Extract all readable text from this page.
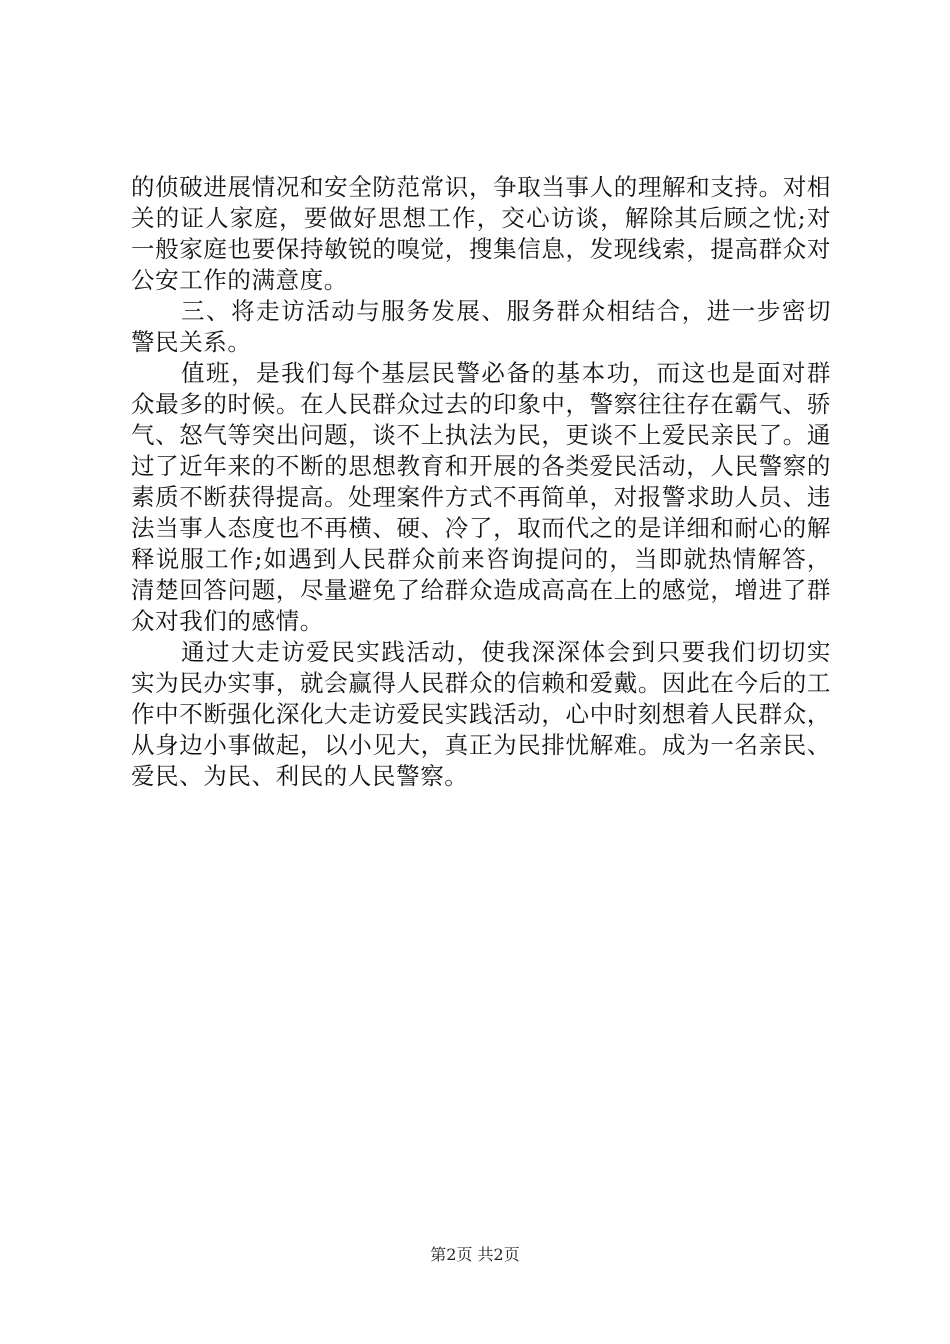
的侦破进展情况和安全防范常识，争取当事人的理解和支持。对相关的证人家庭，要做好思想工作，交心访谈，解除其后顾之忧;对一般家庭也要保持敏锐的嗅觉，搜集信息，发现线索，提高群众对公安工作的满意度。

三、将走访活动与服务发展、服务群众相结合，进一步密切警民关系。

值班，是我们每个基层民警必备的基本功，而这也是面对群众最多的时候。在人民群众过去的印象中，警察往往存在霸气、骄气、怒气等突出问题，谈不上执法为民，更谈不上爱民亲民了。通过了近年来的不断的思想教育和开展的各类爱民活动，人民警察的素质不断获得提高。处理案件方式不再简单，对报警求助人员、违法当事人态度也不再横、硬、冷了，取而代之的是详细和耐心的解释说服工作;如遇到人民群众前来咨询提问的，当即就热情解答，清楚回答问题，尽量避免了给群众造成高高在上的感觉，增进了群众对我们的感情。

通过大走访爱民实践活动，使我深深体会到只要我们切切实实为民办实事，就会赢得人民群众的信赖和爱戴。因此在今后的工作中不断强化深化大走访爱民实践活动，心中时刻想着人民群众，从身边小事做起，以小见大，真正为民排忧解难。成为一名亲民、爱民、为民、利民的人民警察。

第2页 共2页
